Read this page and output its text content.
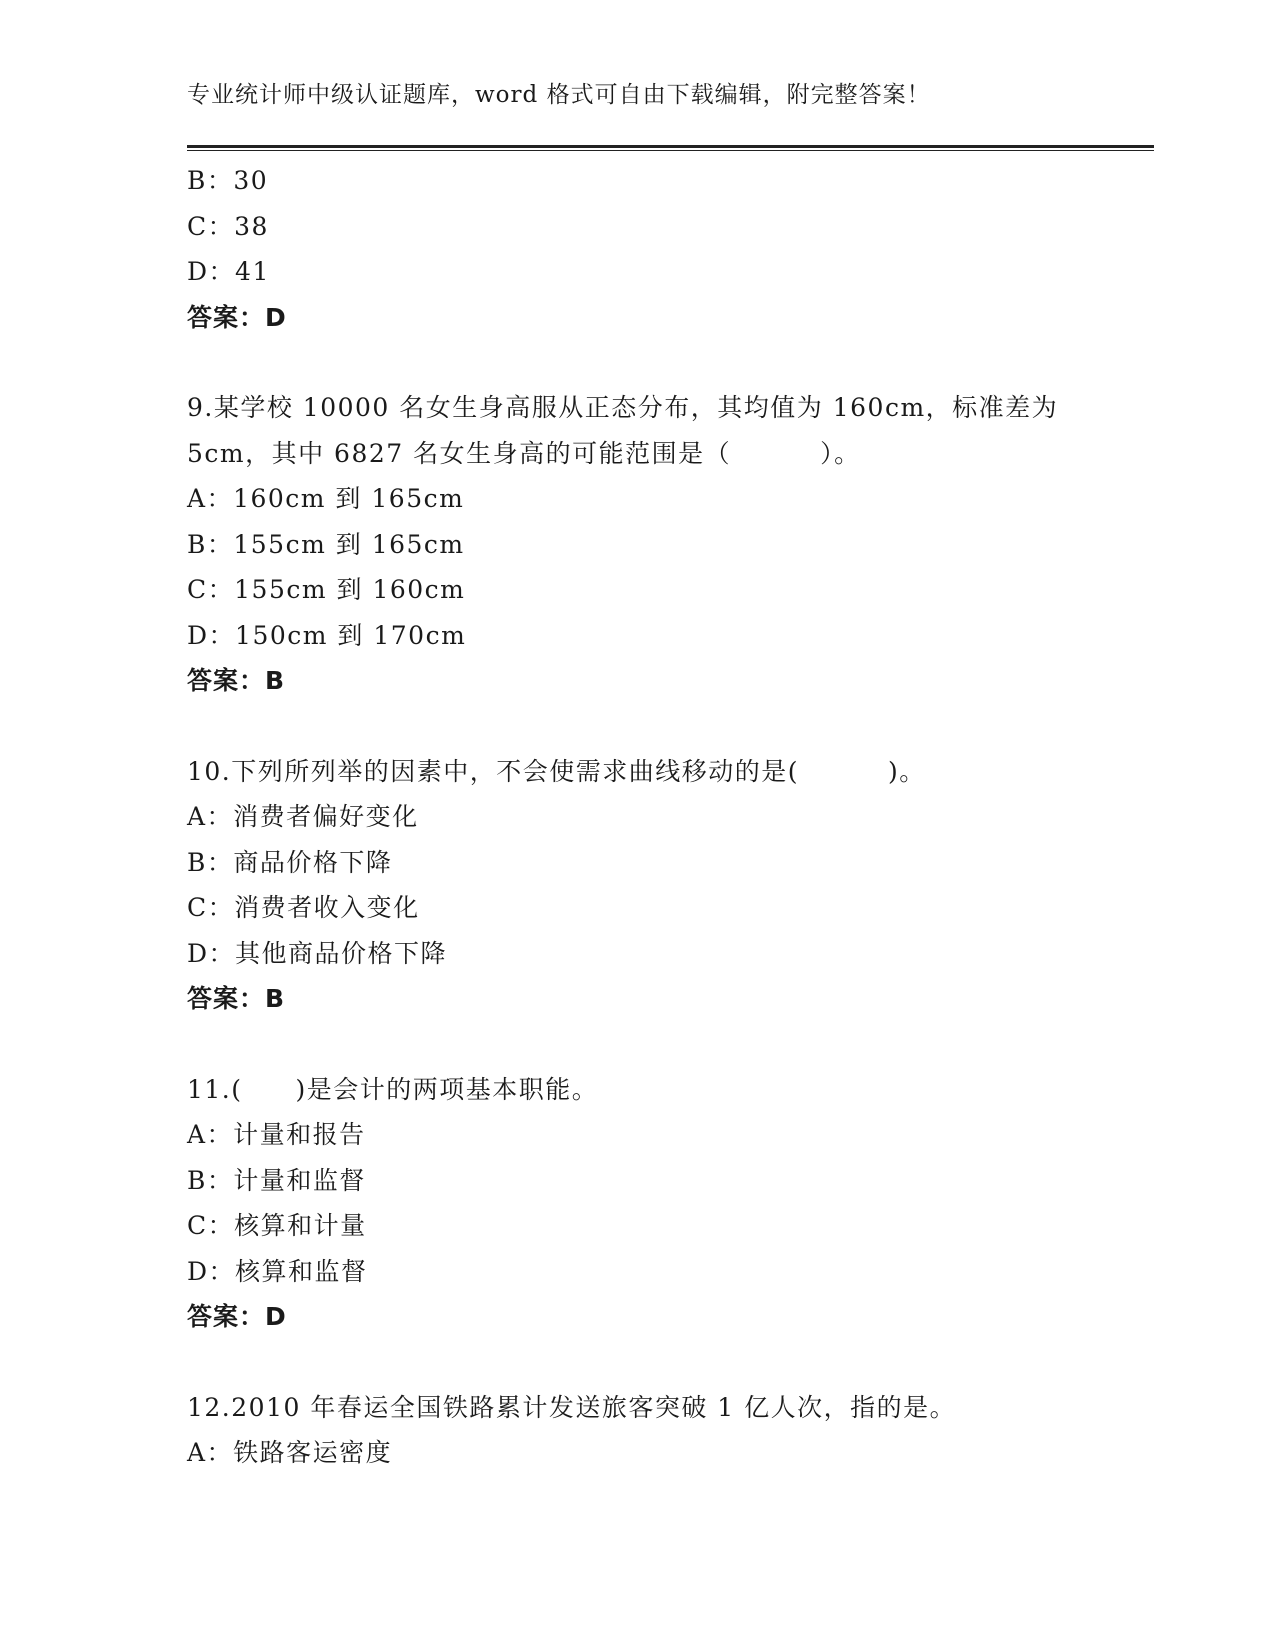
专业统计师中级认证题库，word 格式可自由下载编辑，附完整答案！
B：30
C：38
D：41
答案：D
9.某学校 10000 名女生身高服从正态分布，其均值为 160cm，标准差为
5cm，其中 6827 名女生身高的可能范围是（　　　 ）。
A：160cm 到 165cm
B：155cm 到 165cm
C：155cm 到 160cm
D：150cm 到 170cm
答案：B
10.下列所列举的因素中，不会使需求曲线移动的是(　　　 )。
A：消费者偏好变化
B：商品价格下降
C：消费者收入变化
D：其他商品价格下降
答案：B
11.(　　)是会计的两项基本职能。
A：计量和报告
B：计量和监督
C：核算和计量
D：核算和监督
答案：D
12.2010 年春运全国铁路累计发送旅客突破 1 亿人次，指的是。
A：铁路客运密度
